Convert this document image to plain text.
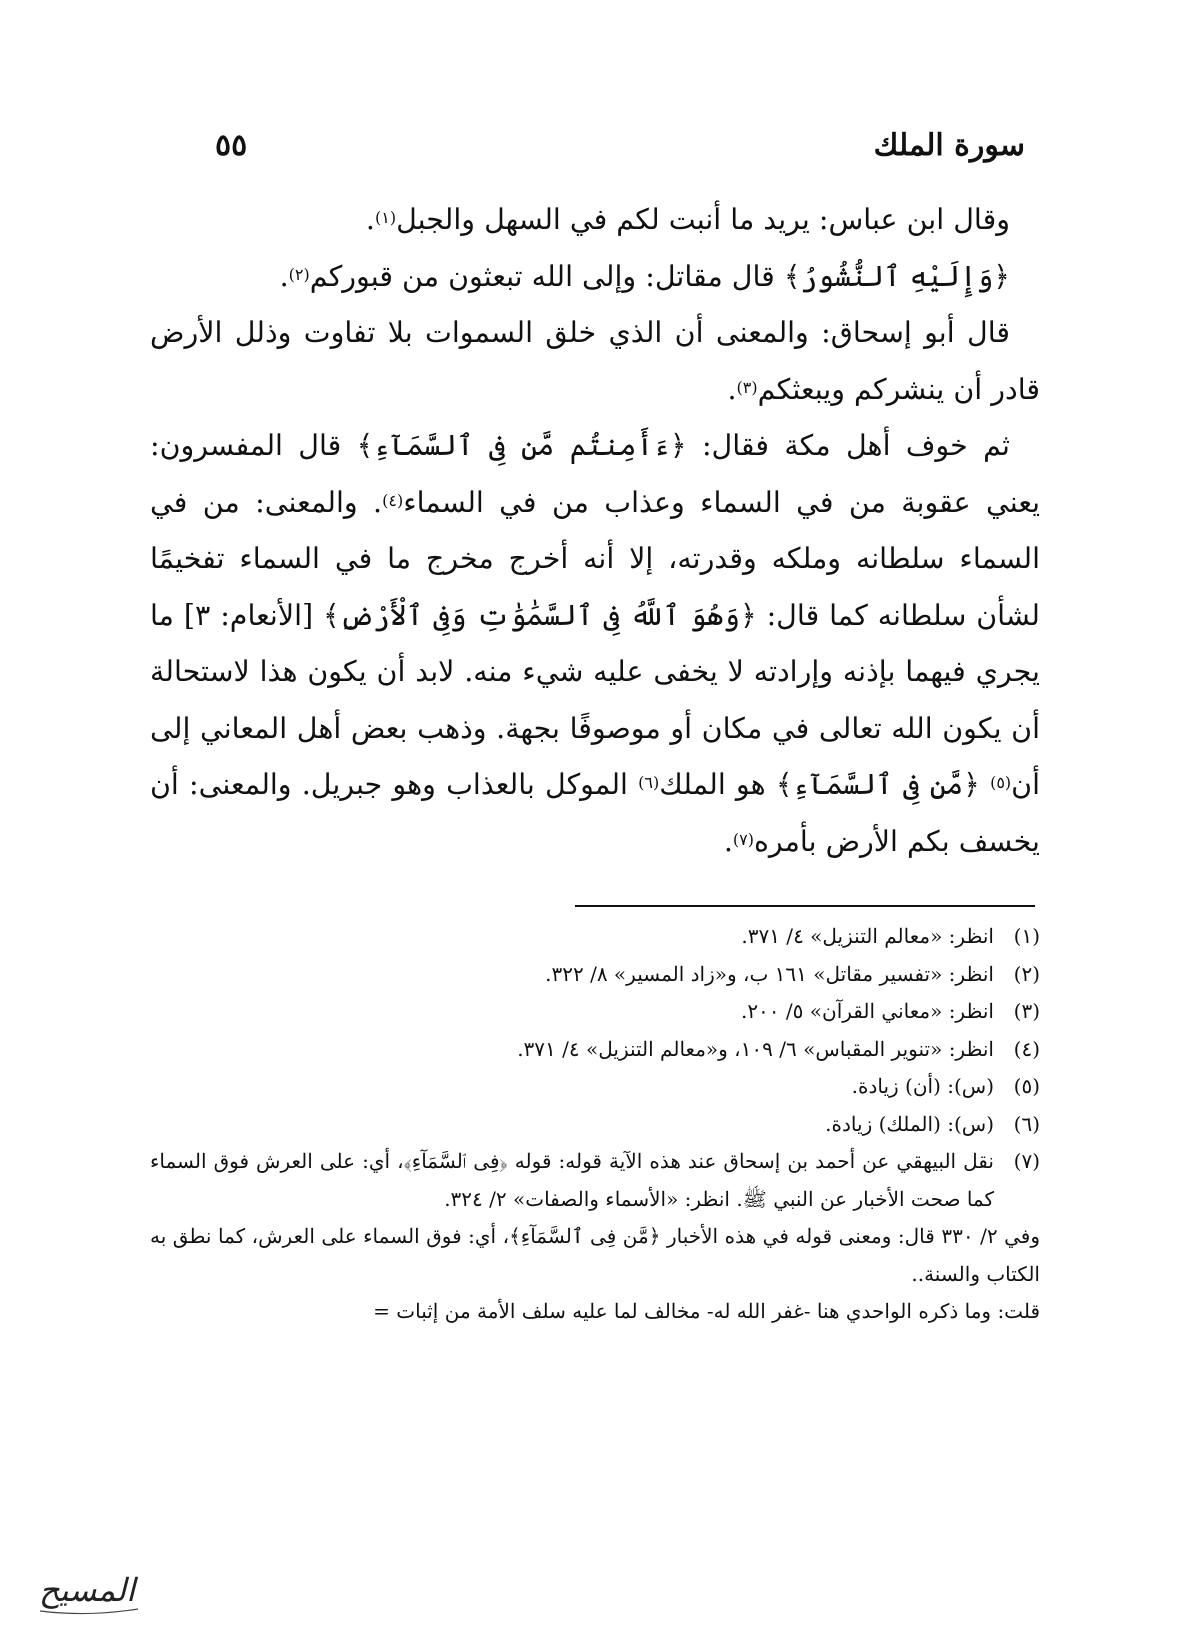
سورة الملك
٥٥

وقال ابن عباس: يريد ما أنبت لكم في السهل والجبل$^{(١)}$.

﴿وَإِلَيْهِ ٱلنُّشُورُ﴾ قال مقاتل: وإلى الله تبعثون من قبوركم$^{(٢)}$.

قال أبو إسحاق: والمعنى أن الذي خلق السموات بلا تفاوت وذلل الأرض قادر أن ينشركم ويبعثكم$^{(٣)}$.

ثم خوف أهل مكة فقال: ﴿ءَأَمِنتُم مَّن فِى ٱلسَّمَآءِ﴾ قال المفسرون: يعني عقوبة من في السماء وعذاب من في السماء$^{(٤)}$. والمعنى: من في السماء سلطانه وملكه وقدرته، إلا أنه أخرج مخرج ما في السماء تفخيمًا لشأن سلطانه كما قال: ﴿وَهُوَ ٱللَّهُ فِى ٱلسَّمَٰوَٰتِ وَفِى ٱلْأَرْضِ﴾ [الأنعام: ٣] ما يجري فيهما بإذنه وإرادته لا يخفى عليه شيء منه. لابد أن يكون هذا لاستحالة أن يكون الله تعالى في مكان أو موصوفًا بجهة. وذهب بعض أهل المعاني إلى أن$^{(٥)}$ ﴿مَّن فِى ٱلسَّمَآءِ﴾ هو الملك$^{(٦)}$ الموكل بالعذاب وهو جبريل. والمعنى: أن يخسف بكم الأرض بأمره$^{(٧)}$.

(١)
انظر: «معالم التنزيل» ٤/ ٣٧١.
(٢)
انظر: «تفسير مقاتل» ١٦١ ب، و«زاد المسير» ٨/ ٣٢٢.
(٣)
انظر: «معاني القرآن» ٥/ ٢٠٠.
(٤)
انظر: «تنوير المقباس» ٦/ ١٠٩، و«معالم التنزيل» ٤/ ٣٧١.
(٥)
(س): (أن) زيادة.
(٦)
(س): (الملك) زيادة.
(٧)
نقل البيهقي عن أحمد بن إسحاق عند هذه الآية قوله: قوله ﴿فِى ٱلسَّمَآءِ﴾، أي: على العرش فوق السماء كما صحت الأخبار عن النبي ﷺ. انظر: «الأسماء والصفات» ٢/ ٣٢٤.
وفي ٢/ ٣٣٠ قال: ومعنى قوله في هذه الأخبار ﴿مَّن فِى ٱلسَّمَآءِ﴾، أي: فوق السماء على العرش، كما نطق به الكتاب والسنة..
قلت: وما ذكره الواحدي هنا -غفر الله له- مخالف لما عليه سلف الأمة من إثبات =
المسيح
